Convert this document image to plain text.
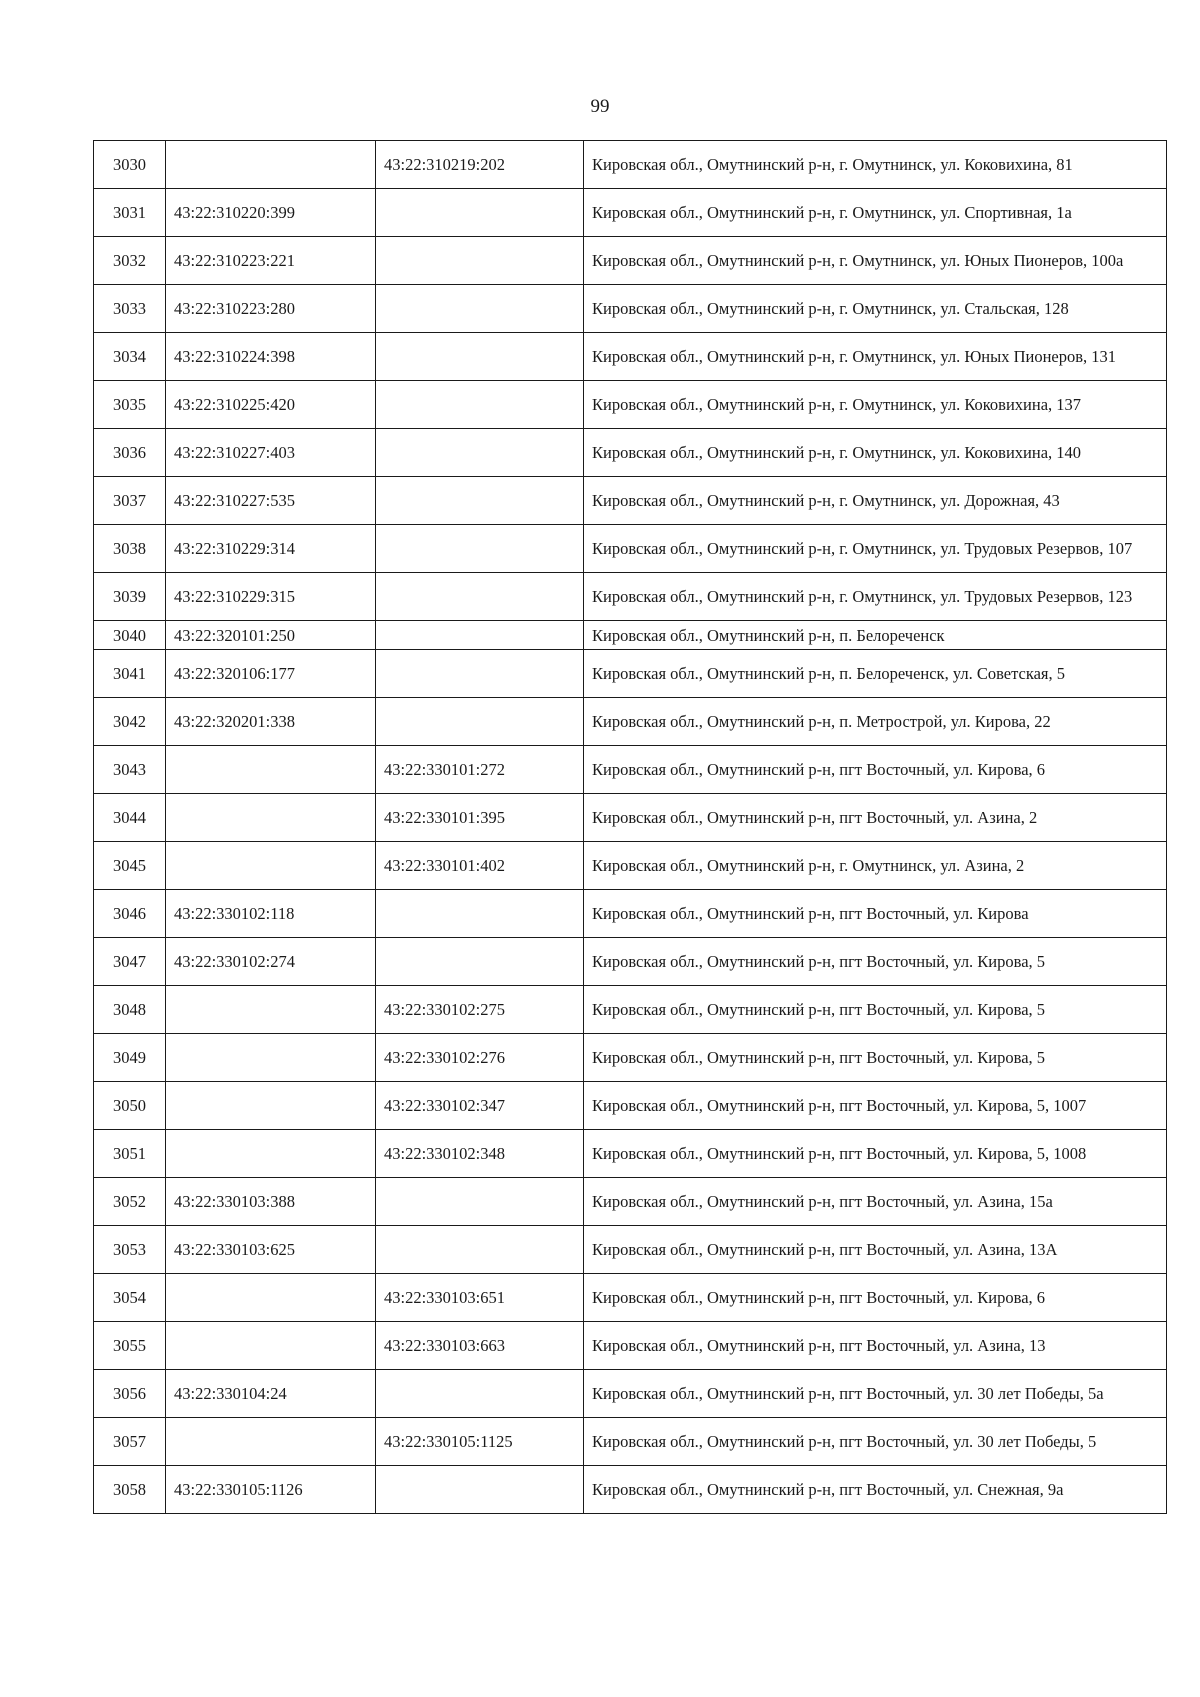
99
3030		43:22:310219:202	Кировская обл., Омутнинский р-н, г. Омутнинск, ул. Коковихина, 81
3031	43:22:310220:399		Кировская обл., Омутнинский р-н, г. Омутнинск, ул. Спортивная, 1а
3032	43:22:310223:221		Кировская обл., Омутнинский р-н, г. Омутнинск, ул. Юных Пионеров, 100а
3033	43:22:310223:280		Кировская обл., Омутнинский р-н, г. Омутнинск, ул. Стальская, 128
3034	43:22:310224:398		Кировская обл., Омутнинский р-н, г. Омутнинск, ул. Юных Пионеров, 131
3035	43:22:310225:420		Кировская обл., Омутнинский р-н, г. Омутнинск, ул. Коковихина, 137
3036	43:22:310227:403		Кировская обл., Омутнинский р-н, г. Омутнинск, ул. Коковихина, 140
3037	43:22:310227:535		Кировская обл., Омутнинский р-н, г. Омутнинск, ул. Дорожная, 43
3038	43:22:310229:314		Кировская обл., Омутнинский р-н, г. Омутнинск, ул. Трудовых Резервов, 107
3039	43:22:310229:315		Кировская обл., Омутнинский р-н, г. Омутнинск, ул. Трудовых Резервов, 123
3040	43:22:320101:250		Кировская обл., Омутнинский р-н, п. Белореченск
3041	43:22:320106:177		Кировская обл., Омутнинский р-н, п. Белореченск, ул. Советская, 5
3042	43:22:320201:338		Кировская обл., Омутнинский р-н, п. Метрострой, ул. Кирова, 22
3043		43:22:330101:272	Кировская обл., Омутнинский р-н, пгт Восточный, ул. Кирова, 6
3044		43:22:330101:395	Кировская обл., Омутнинский р-н, пгт Восточный, ул. Азина, 2
3045		43:22:330101:402	Кировская обл., Омутнинский р-н, г. Омутнинск, ул. Азина, 2
3046	43:22:330102:118		Кировская обл., Омутнинский р-н, пгт Восточный, ул. Кирова
3047	43:22:330102:274		Кировская обл., Омутнинский р-н, пгт Восточный, ул. Кирова, 5
3048		43:22:330102:275	Кировская обл., Омутнинский р-н, пгт Восточный, ул. Кирова, 5
3049		43:22:330102:276	Кировская обл., Омутнинский р-н, пгт Восточный, ул. Кирова, 5
3050		43:22:330102:347	Кировская обл., Омутнинский р-н, пгт Восточный, ул. Кирова, 5, 1007
3051		43:22:330102:348	Кировская обл., Омутнинский р-н, пгт Восточный, ул. Кирова, 5, 1008
3052	43:22:330103:388		Кировская обл., Омутнинский р-н, пгт Восточный, ул. Азина, 15а
3053	43:22:330103:625		Кировская обл., Омутнинский р-н, пгт Восточный, ул. Азина, 13А
3054		43:22:330103:651	Кировская обл., Омутнинский р-н, пгт Восточный, ул. Кирова, 6
3055		43:22:330103:663	Кировская обл., Омутнинский р-н, пгт Восточный, ул. Азина, 13
3056	43:22:330104:24		Кировская обл., Омутнинский р-н, пгт Восточный, ул. 30 лет Победы, 5а
3057		43:22:330105:1125	Кировская обл., Омутнинский р-н, пгт Восточный, ул. 30 лет Победы, 5
3058	43:22:330105:1126		Кировская обл., Омутнинский р-н, пгт Восточный, ул. Снежная, 9а
